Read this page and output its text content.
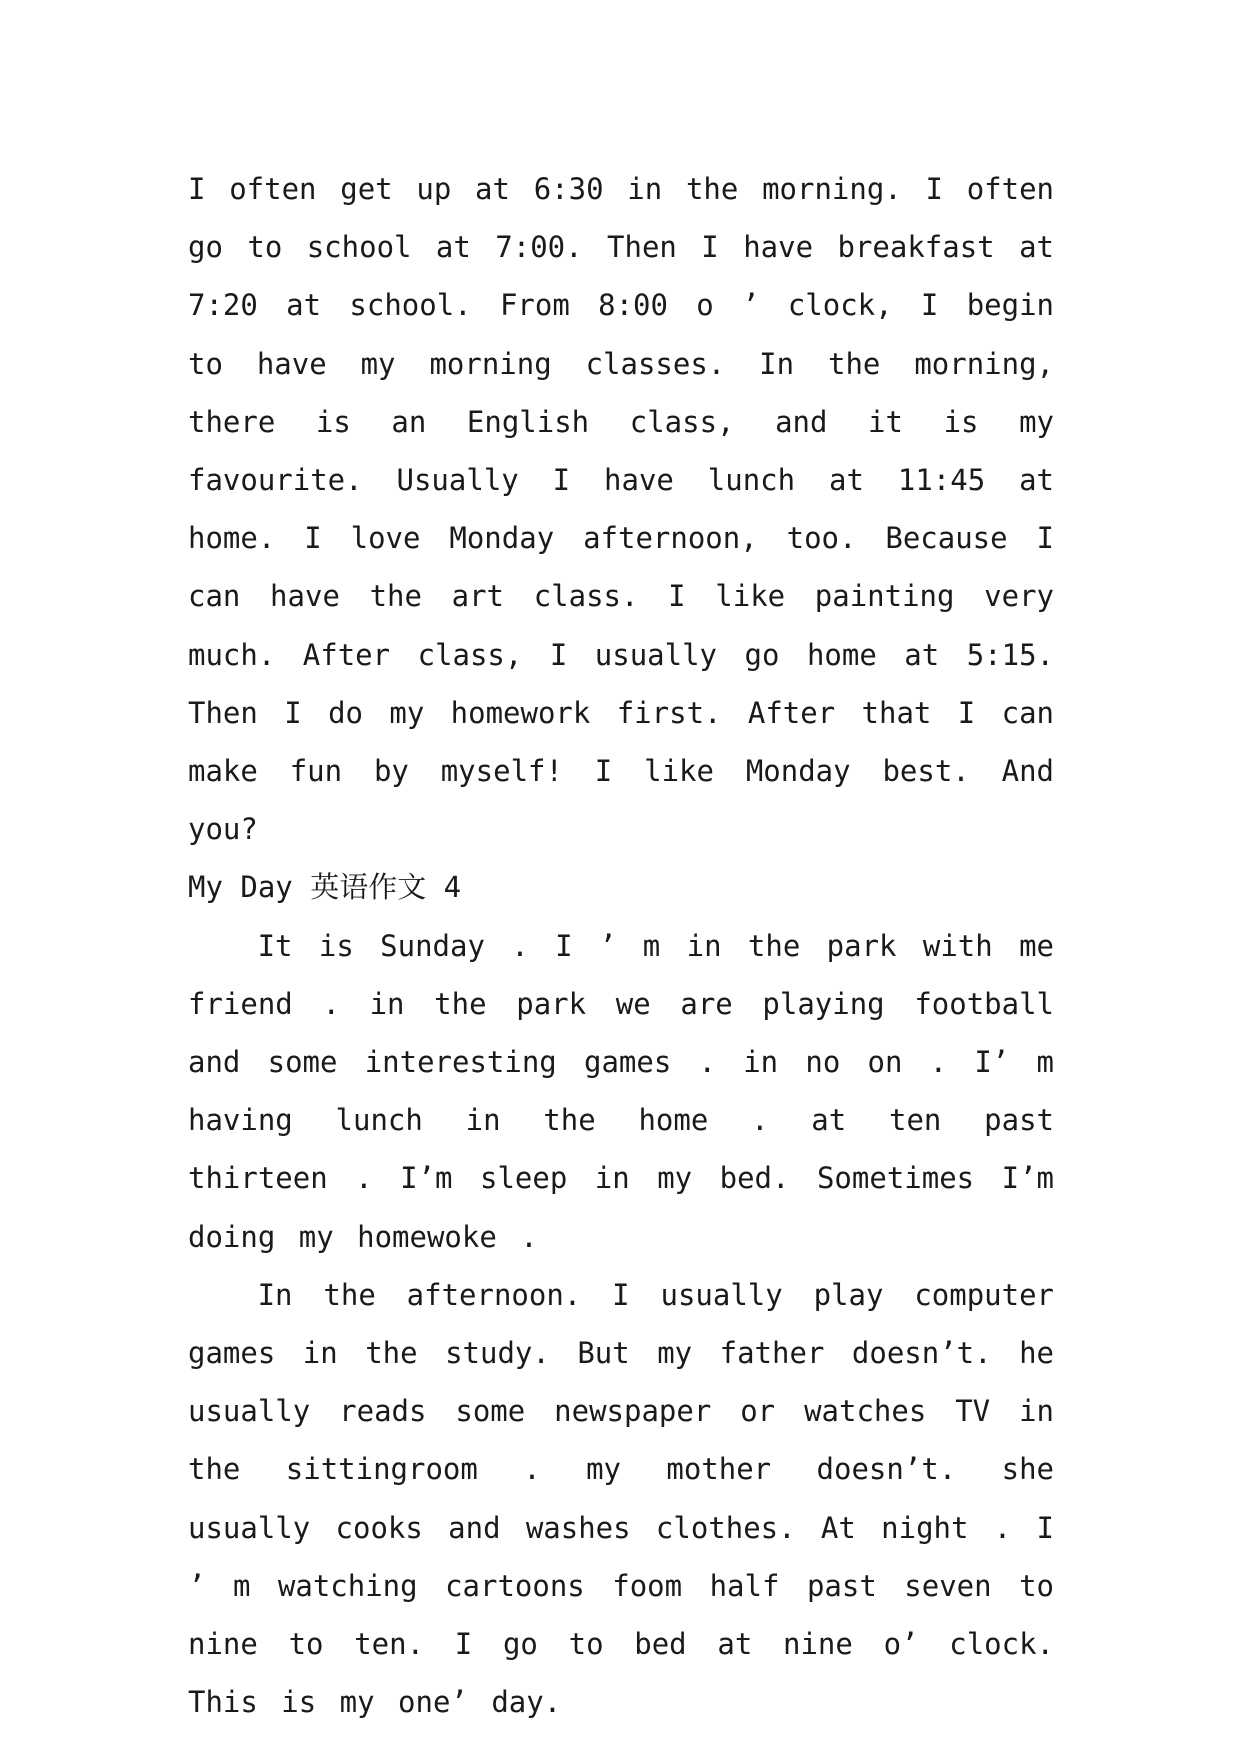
I often get up at 6:30 in the morning. I often go to school at 7:00. Then I have breakfast at 7:20 at school. From 8:00 o ’ clock, I begin to have my morning classes. In the morning, there is an English class, and it is my favourite. Usually I have lunch at 11:45 at home. I love Monday afternoon, too. Because I can have the art class. I like painting very much. After class, I usually go home at 5:15. Then I do my homework first. After that I can make fun by myself! I like Monday best. And you?

My Day 英语作文 4

It is Sunday . I ’ m in the park with me friend . in the park we are playing football and some interesting games . in no on . I’ m having lunch in the home . at ten past thirteen . I’m sleep in my bed. Sometimes I’m doing my homewoke .

In the afternoon. I usually play computer games in the study. But my father doesn’t. he usually reads some newspaper or watches TV in the sittingroom . my mother doesn’t. she usually cooks and washes clothes. At night . I ’ m watching cartoons foom half past seven to nine to ten. I go to bed at nine o’ clock. This is my one’ day.
